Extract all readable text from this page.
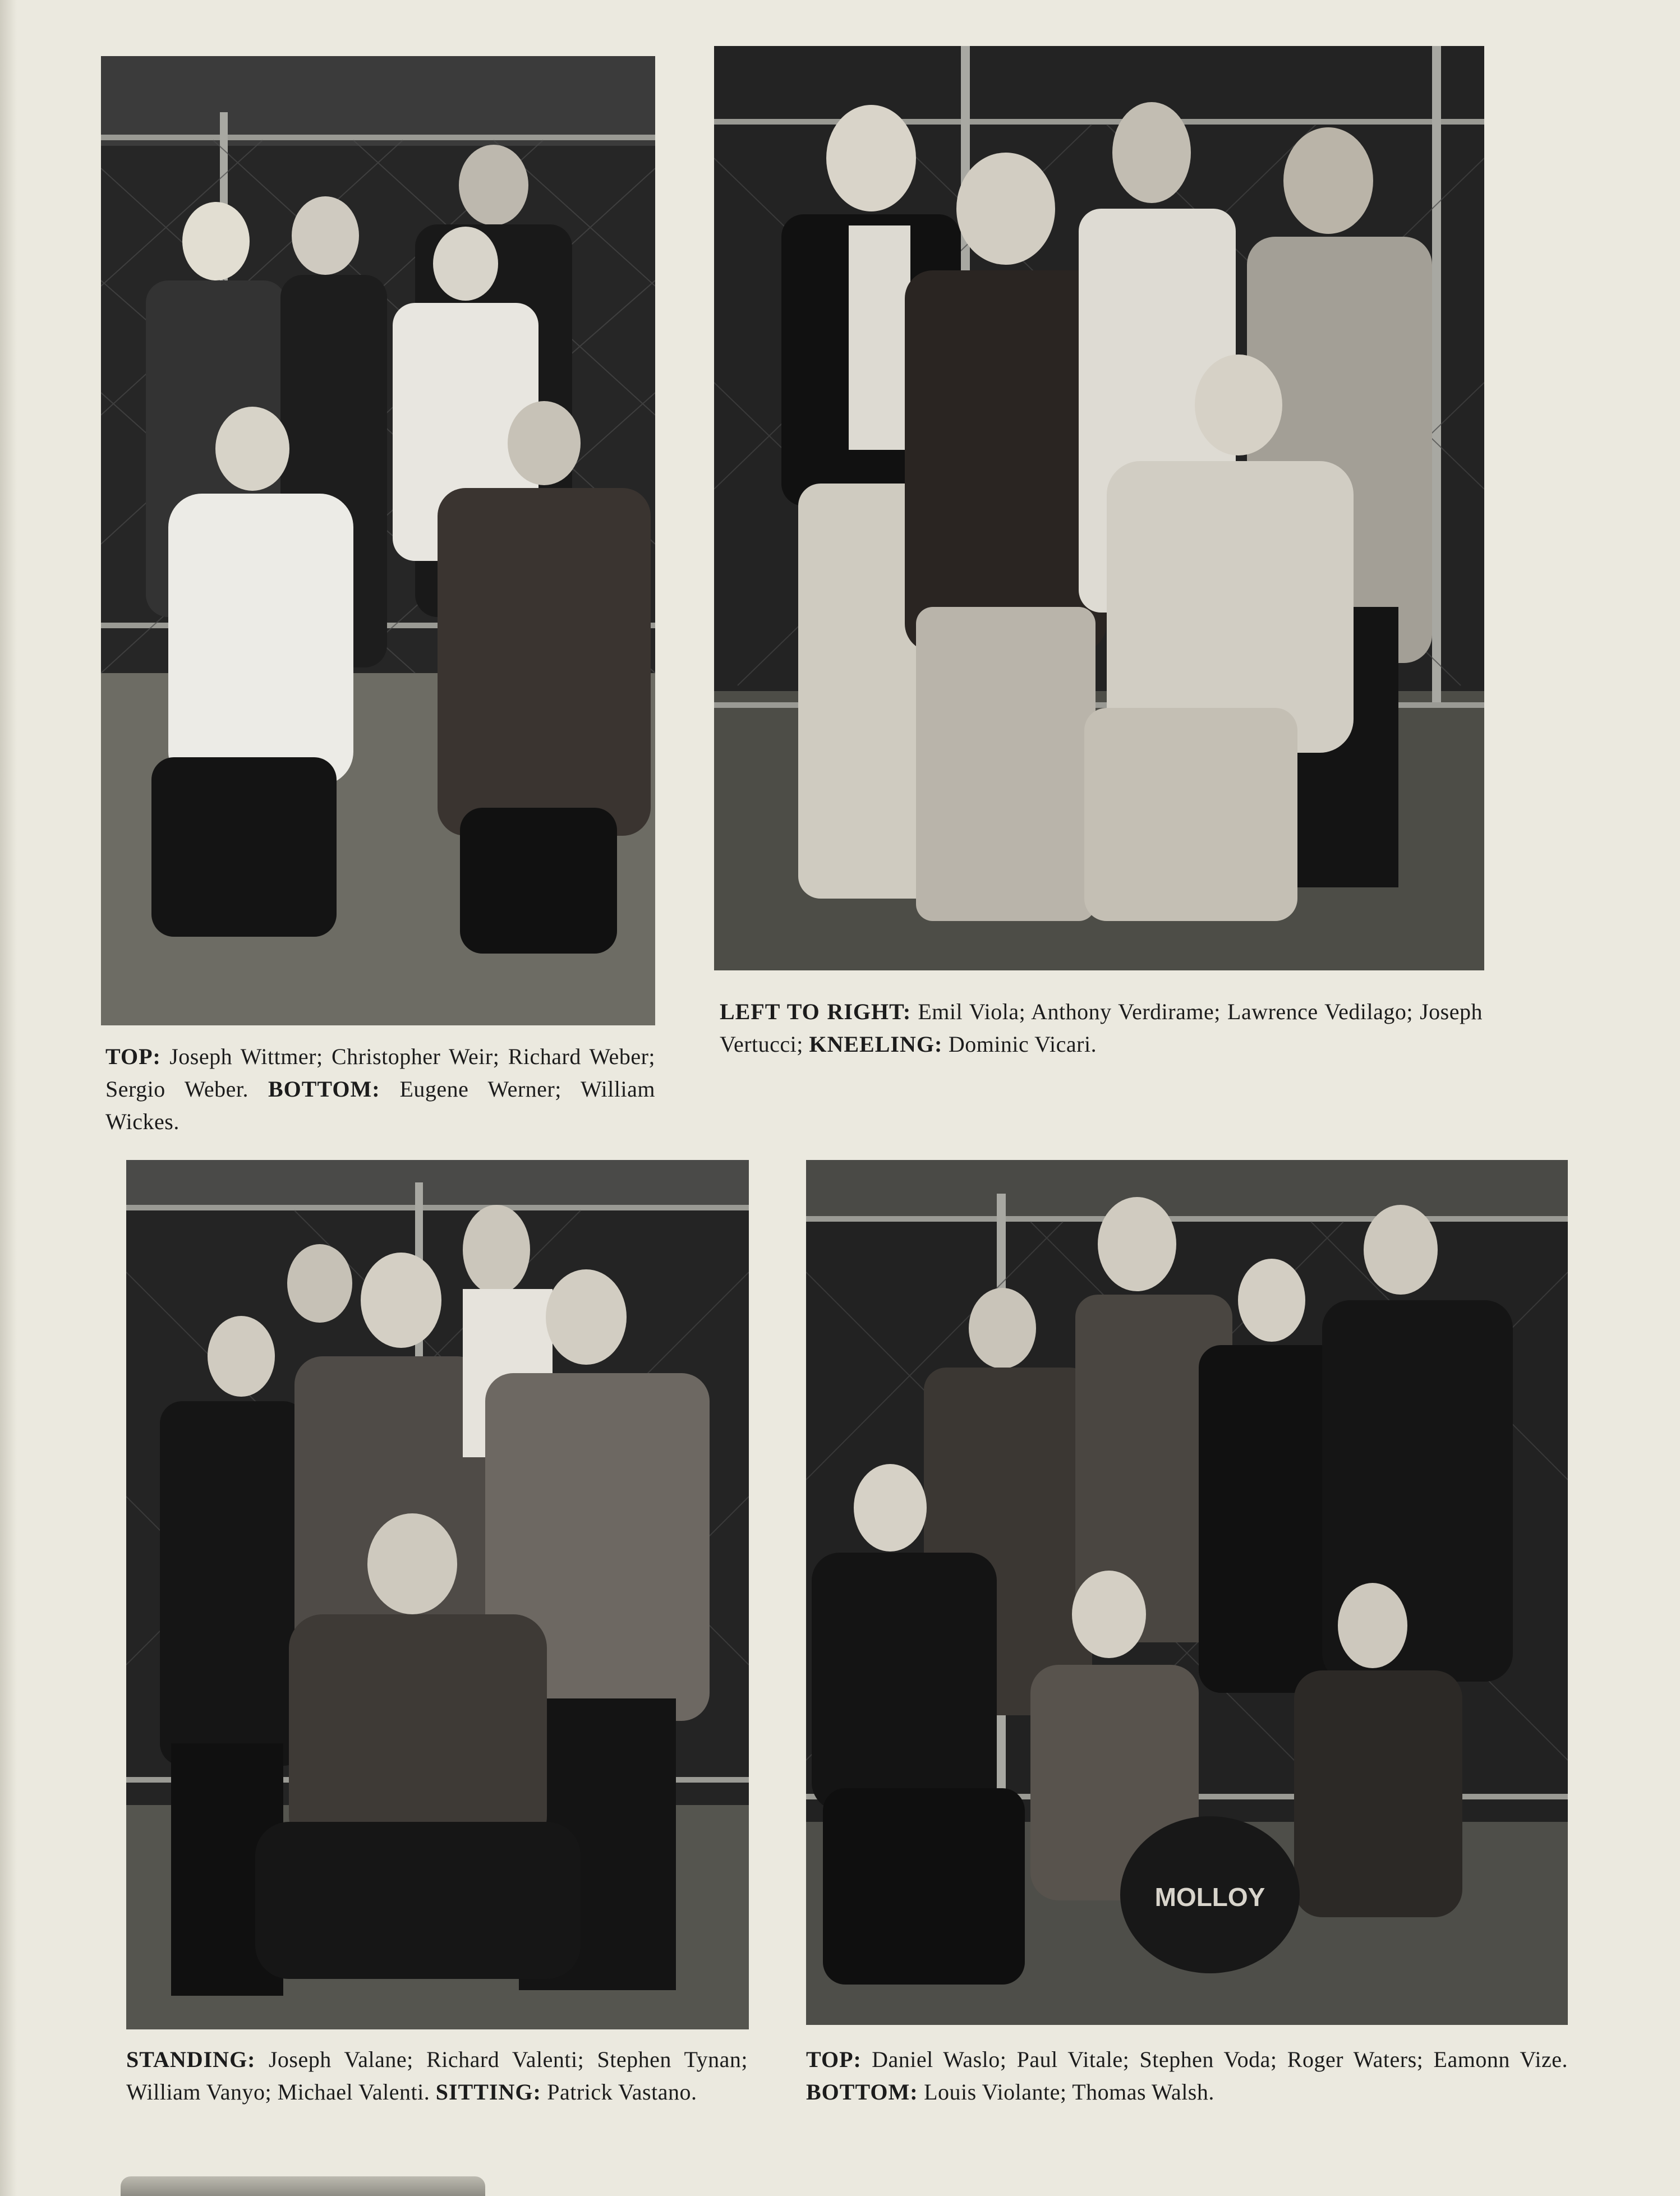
TOP: Joseph Wittmer; Christopher Weir; Richard Weber; Sergio Weber. BOTTOM: Eugene Werner; William Wickes.
LEFT TO RIGHT: Emil Viola; Anthony Verdirame; Lawrence Vedilago; Joseph Vertucci; KNEELING: Dominic Vicari.
STANDING: Joseph Valane; Richard Valenti; Stephen Tynan; William Vanyo; Michael Valenti. SITTING: Patrick Vastano.
MOLLOY
TOP: Daniel Waslo; Paul Vitale; Stephen Voda; Roger Waters; Eamonn Vize. BOTTOM: Louis Violante; Thomas Walsh.
